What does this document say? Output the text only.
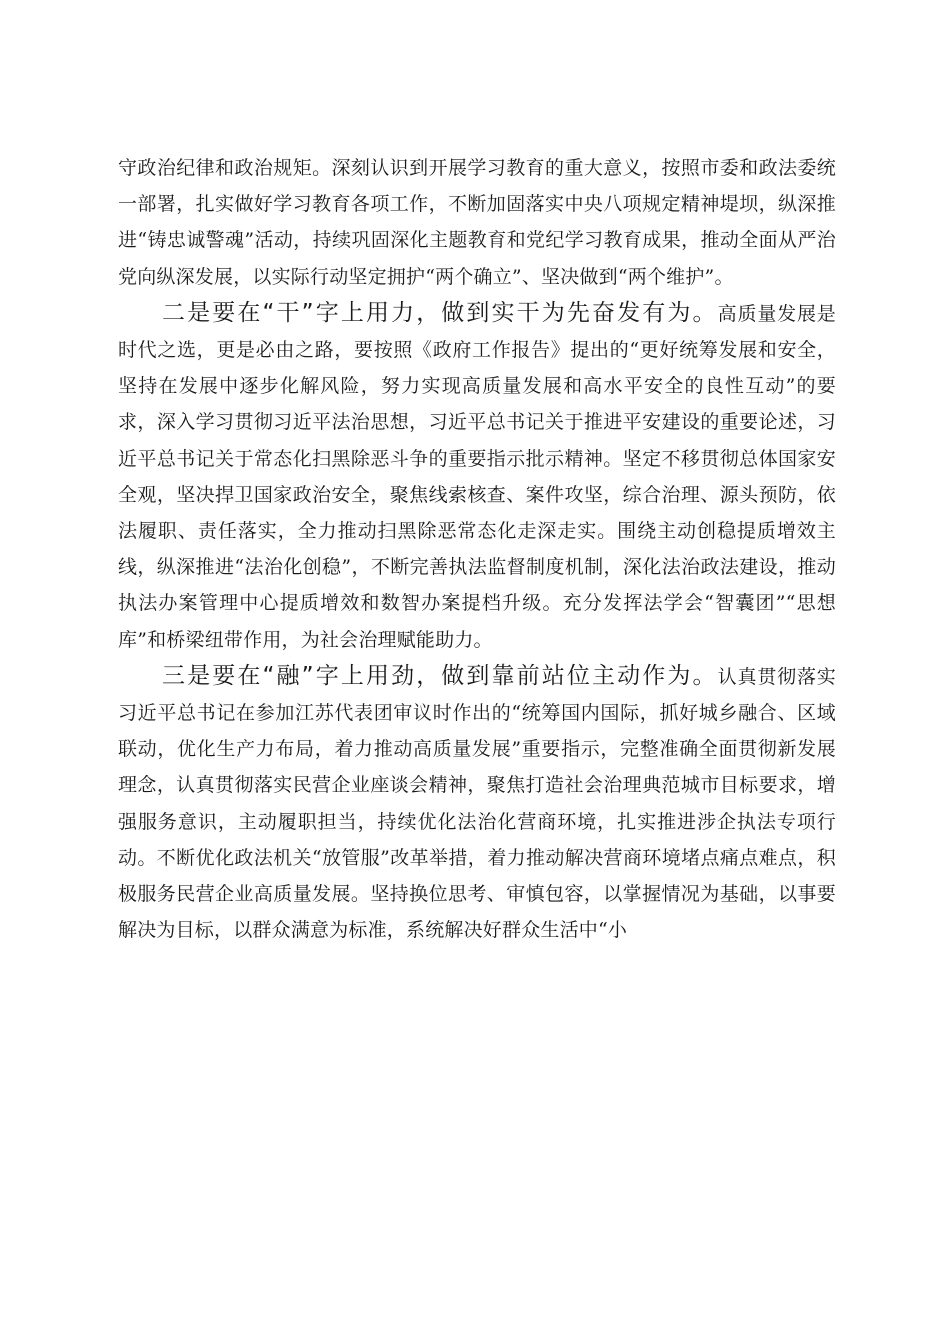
守政治纪律和政治规矩。深刻认识到开展学习教育的重大意义，按照市委和政法委统一部署，扎实做好学习教育各项工作，不断加固落实中央八项规定精神堤坝，纵深推进“铸忠诚警魂”活动，持续巩固深化主题教育和党纪学习教育成果，推动全面从严治党向纵深发展，以实际行动坚定拥护“两个确立”、坚决做到“两个维护”。

二是要在“干”字上用力，做到实干为先奋发有为。高质量发展是时代之选，更是必由之路，要按照《政府工作报告》提出的“更好统筹发展和安全，坚持在发展中逐步化解风险，努力实现高质量发展和高水平安全的良性互动”的要求，深入学习贯彻习近平法治思想，习近平总书记关于推进平安建设的重要论述，习近平总书记关于常态化扫黑除恶斗争的重要指示批示精神。坚定不移贯彻总体国家安全观，坚决捍卫国家政治安全，聚焦线索核查、案件攻坚，综合治理、源头预防，依法履职、责任落实，全力推动扫黑除恶常态化走深走实。围绕主动创稳提质增效主线，纵深推进“法治化创稳”，不断完善执法监督制度机制，深化法治政法建设，推动执法办案管理中心提质增效和数智办案提档升级。充分发挥法学会“智囊团”“思想库”和桥梁纽带作用，为社会治理赋能助力。

三是要在“融”字上用劲，做到靠前站位主动作为。认真贯彻落实习近平总书记在参加江苏代表团审议时作出的“统筹国内国际，抓好城乡融合、区域联动，优化生产力布局，着力推动高质量发展”重要指示，完整准确全面贯彻新发展理念，认真贯彻落实民营企业座谈会精神，聚焦打造社会治理典范城市目标要求，增强服务意识，主动履职担当，持续优化法治化营商环境，扎实推进涉企执法专项行动。不断优化政法机关“放管服”改革举措，着力推动解决营商环境堵点痛点难点，积极服务民营企业高质量发展。坚持换位思考、审慎包容，以掌握情况为基础，以事要解决为目标，以群众满意为标准，系统解决好群众生活中“小
